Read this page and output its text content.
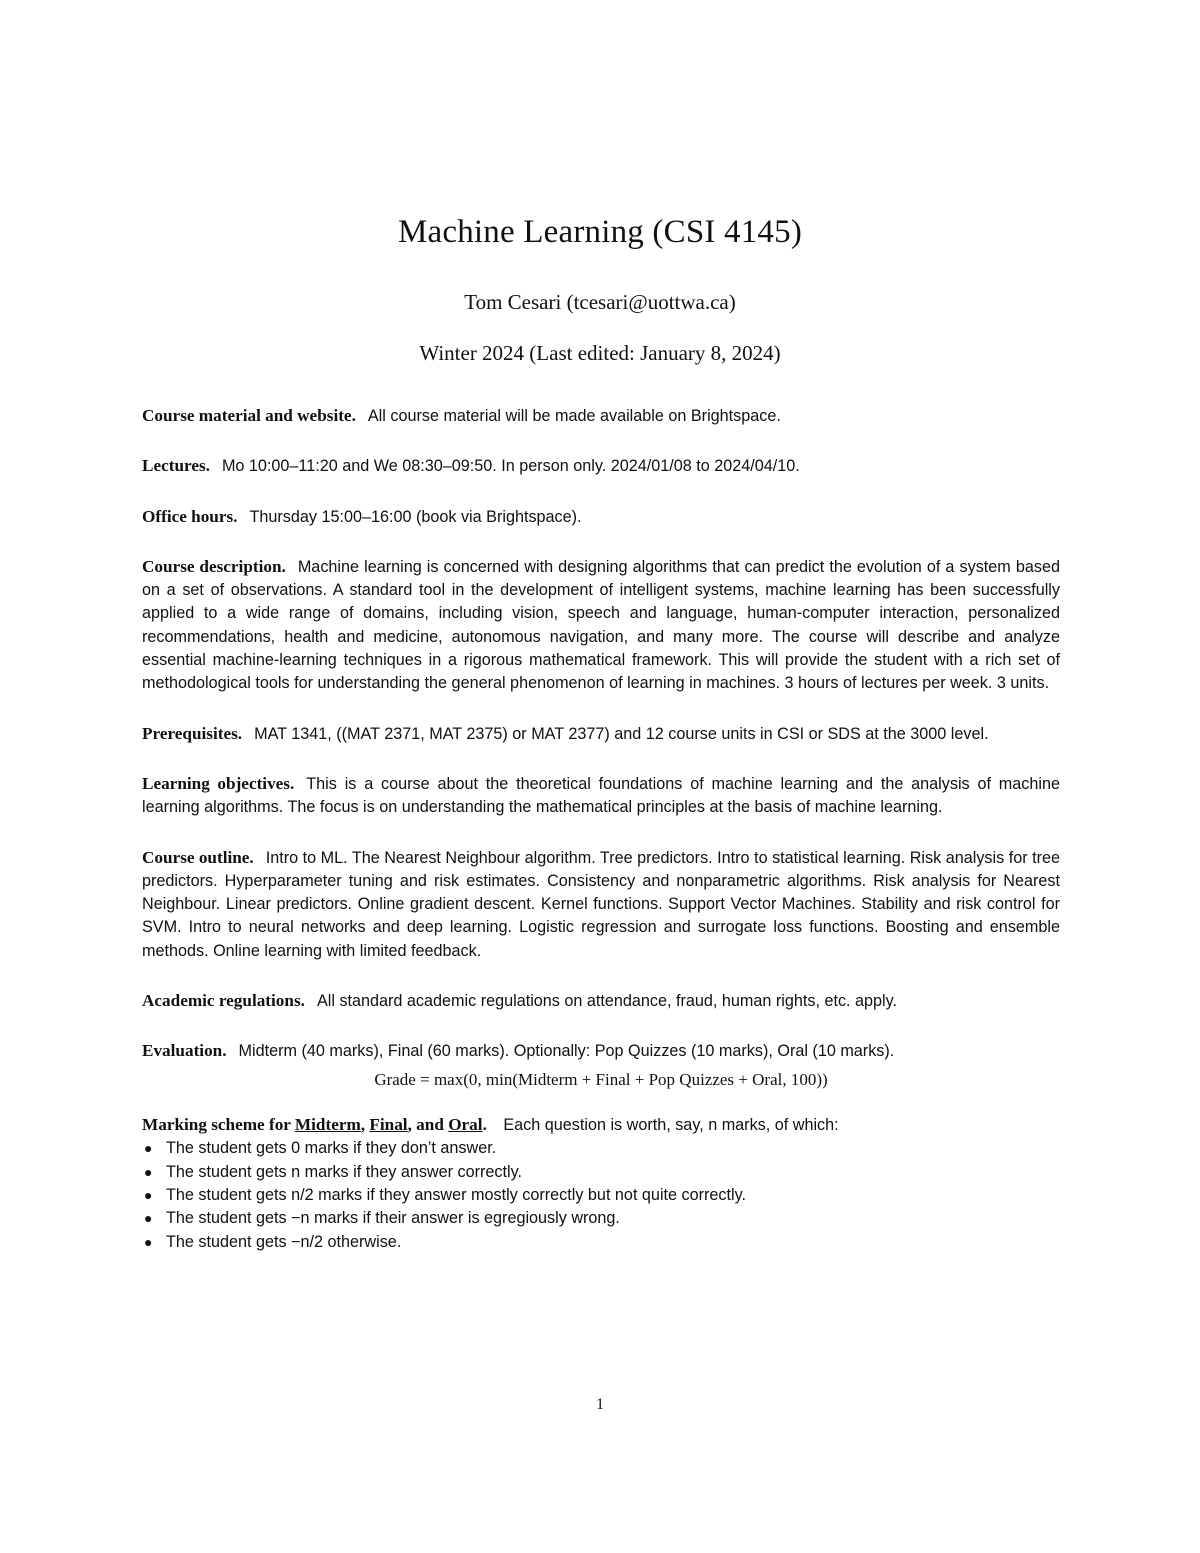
Machine Learning (CSI 4145)
Tom Cesari (tcesari@uottwa.ca)
Winter 2024 (Last edited: January 8, 2024)

Course material and website. All course material will be made available on Brightspace.

Lectures. Mo 10:00–11:20 and We 08:30–09:50. In person only. 2024/01/08 to 2024/04/10.

Office hours. Thursday 15:00–16:00 (book via Brightspace).

Course description. Machine learning is concerned with designing algorithms that can predict the evolution of a system based on a set of observations. A standard tool in the development of intelligent systems, machine learning has been successfully applied to a wide range of domains, including vision, speech and language, human-computer interaction, personalized recommendations, health and medicine, autonomous navigation, and many more. The course will describe and analyze essential machine-learning techniques in a rigorous mathematical framework. This will provide the student with a rich set of methodological tools for understanding the general phenomenon of learning in machines. 3 hours of lectures per week. 3 units.

Prerequisites. MAT 1341, ((MAT 2371, MAT 2375) or MAT 2377) and 12 course units in CSI or SDS at the 3000 level.

Learning objectives. This is a course about the theoretical foundations of machine learning and the analysis of machine learning algorithms. The focus is on understanding the mathematical principles at the basis of machine learning.

Course outline. Intro to ML. The Nearest Neighbour algorithm. Tree predictors. Intro to statistical learning. Risk analysis for tree predictors. Hyperparameter tuning and risk estimates. Consistency and nonparametric algorithms. Risk analysis for Nearest Neighbour. Linear predictors. Online gradient descent. Kernel functions. Support Vector Machines. Stability and risk control for SVM. Intro to neural networks and deep learning. Logistic regression and surrogate loss functions. Boosting and ensemble methods. Online learning with limited feedback.

Academic regulations. All standard academic regulations on attendance, fraud, human rights, etc. apply.

Evaluation. Midterm (40 marks), Final (60 marks). Optionally: Pop Quizzes (10 marks), Oral (10 marks).

Grade = max(0, min(Midterm + Final + Pop Quizzes + Oral, 100))

Marking scheme for Midterm, Final, and Oral. Each question is worth, say, n marks, of which:

● The student gets 0 marks if they don’t answer.
● The student gets n marks if they answer correctly.
● The student gets n/2 marks if they answer mostly correctly but not quite correctly.
● The student gets −n marks if their answer is egregiously wrong.
● The student gets −n/2 otherwise.
1
